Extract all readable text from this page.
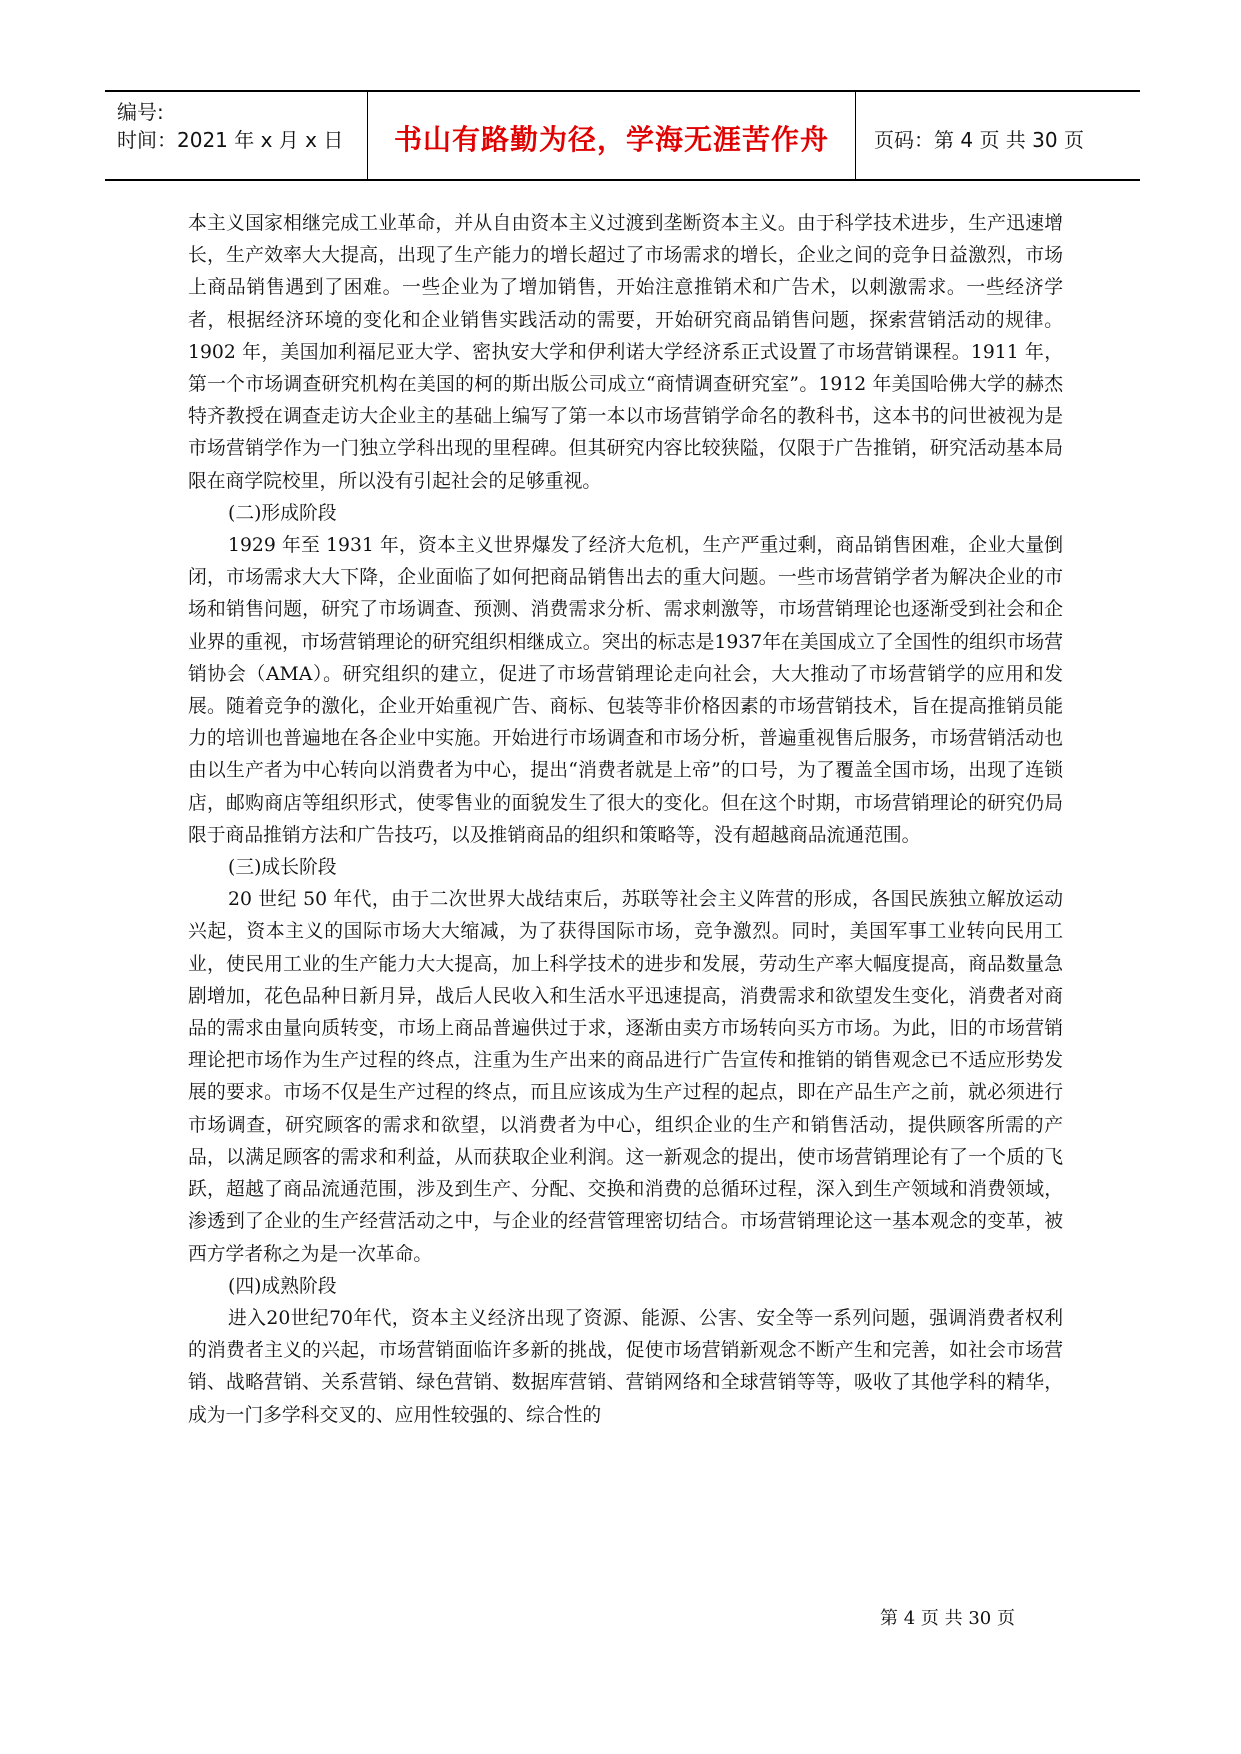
编号:
时间：2021 年 x 月 x 日	书山有路勤为径，学海无涯苦作舟	页码：第 4 页 共 30 页

本主义国家相继完成工业革命，并从自由资本主义过渡到垄断资本主义。由于科学技术进步，生产迅速增长，生产效率大大提高，出现了生产能力的增长超过了市场需求的增长，企业之间的竞争日益激烈，市场上商品销售遇到了困难。一些企业为了增加销售，开始注意推销术和广告术，以刺激需求。一些经济学者，根据经济环境的变化和企业销售实践活动的需要，开始研究商品销售问题，探索营销活动的规律。1902 年，美国加利福尼亚大学、密执安大学和伊利诺大学经济系正式设置了市场营销课程。1911 年，第一个市场调查研究机构在美国的柯的斯出版公司成立“商情调查研究室”。1912 年美国哈佛大学的赫杰特齐教授在调查走访大企业主的基础上编写了第一本以市场营销学命名的教科书，这本书的问世被视为是市场营销学作为一门独立学科出现的里程碑。但其研究内容比较狭隘，仅限于广告推销，研究活动基本局限在商学院校里，所以没有引起社会的足够重视。

(二)形成阶段

1929 年至 1931 年，资本主义世界爆发了经济大危机，生产严重过剩，商品销售困难，企业大量倒闭，市场需求大大下降，企业面临了如何把商品销售出去的重大问题。一些市场营销学者为解决企业的市场和销售问题，研究了市场调查、预测、消费需求分析、需求刺激等，市场营销理论也逐渐受到社会和企业界的重视，市场营销理论的研究组织相继成立。突出的标志是1937年在美国成立了全国性的组织市场营销协会（AMA）。研究组织的建立，促进了市场营销理论走向社会，大大推动了市场营销学的应用和发展。随着竞争的激化，企业开始重视广告、商标、包装等非价格因素的市场营销技术，旨在提高推销员能力的培训也普遍地在各企业中实施。开始进行市场调查和市场分析，普遍重视售后服务，市场营销活动也由以生产者为中心转向以消费者为中心，提出“消费者就是上帝”的口号，为了覆盖全国市场，出现了连锁店，邮购商店等组织形式，使零售业的面貌发生了很大的变化。但在这个时期，市场营销理论的研究仍局限于商品推销方法和广告技巧，以及推销商品的组织和策略等，没有超越商品流通范围。

(三)成长阶段

20 世纪 50 年代，由于二次世界大战结束后，苏联等社会主义阵营的形成，各国民族独立解放运动兴起，资本主义的国际市场大大缩减，为了获得国际市场，竞争激烈。同时，美国军事工业转向民用工业，使民用工业的生产能力大大提高，加上科学技术的进步和发展，劳动生产率大幅度提高，商品数量急剧增加，花色品种日新月异，战后人民收入和生活水平迅速提高，消费需求和欲望发生变化，消费者对商品的需求由量向质转变，市场上商品普遍供过于求，逐渐由卖方市场转向买方市场。为此，旧的市场营销理论把市场作为生产过程的终点，注重为生产出来的商品进行广告宣传和推销的销售观念已不适应形势发展的要求。市场不仅是生产过程的终点，而且应该成为生产过程的起点，即在产品生产之前，就必须进行市场调查，研究顾客的需求和欲望，以消费者为中心，组织企业的生产和销售活动，提供顾客所需的产品，以满足顾客的需求和利益，从而获取企业利润。这一新观念的提出，使市场营销理论有了一个质的飞跃，超越了商品流通范围，涉及到生产、分配、交换和消费的总循环过程，深入到生产领域和消费领域，渗透到了企业的生产经营活动之中，与企业的经营管理密切结合。市场营销理论这一基本观念的变革，被西方学者称之为是一次革命。

(四)成熟阶段

进入20世纪70年代，资本主义经济出现了资源、能源、公害、安全等一系列问题，强调消费者权利的消费者主义的兴起，市场营销面临许多新的挑战，促使市场营销新观念不断产生和完善，如社会市场营销、战略营销、关系营销、绿色营销、数据库营销、营销网络和全球营销等等，吸收了其他学科的精华，成为一门多学科交叉的、应用性较强的、综合性的

第 4 页 共 30 页
